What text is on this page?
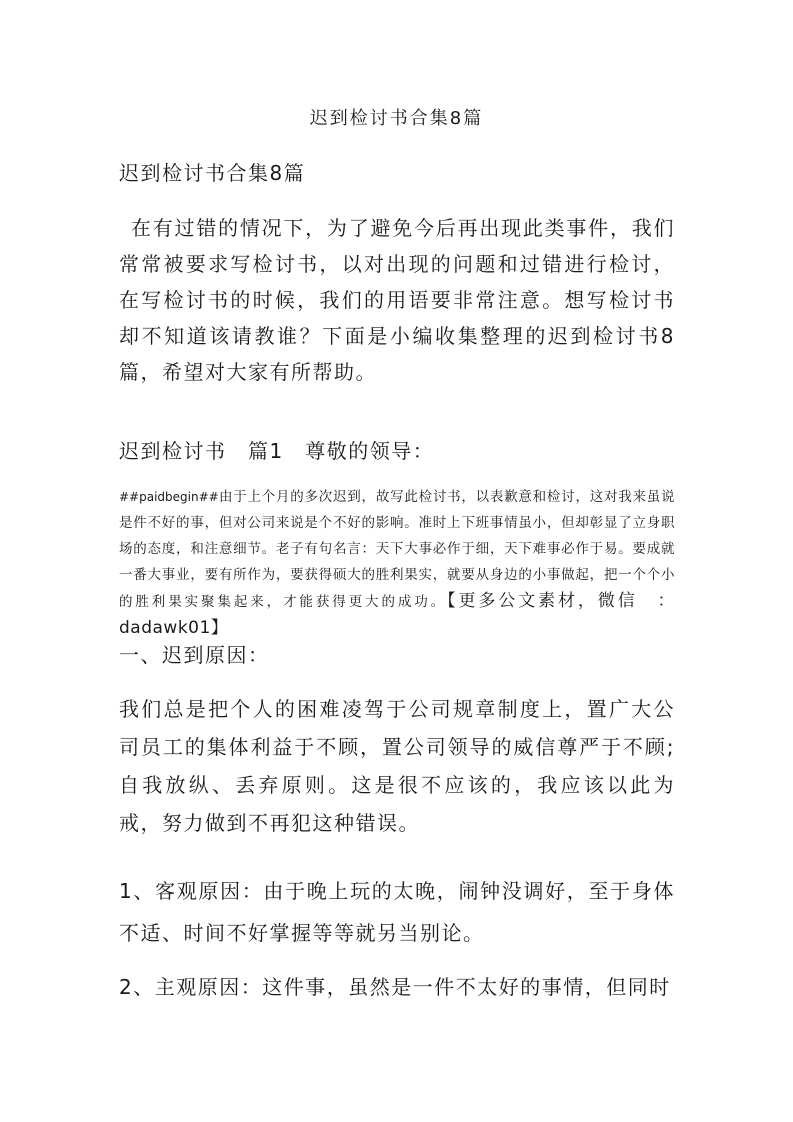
迟到检讨书合集8篇

迟到检讨书合集8篇

在有过错的情况下，为了避免今后再出现此类事件，我们常常被要求写检讨书，以对出现的问题和过错进行检讨，在写检讨书的时候，我们的用语要非常注意。想写检讨书却不知道该请教谁？下面是小编收集整理的迟到检讨书8篇，希望对大家有所帮助。

迟到检讨书　篇1　尊敬的领导：

##paidbegin##由于上个月的多次迟到，故写此检讨书，以表歉意和检讨，这对我来虽说是件不好的事，但对公司来说是个不好的影响。准时上下班事情虽小，但却彰显了立身职场的态度，和注意细节。老子有句名言：天下大事必作于细，天下难事必作于易。要成就一番大事业，要有所作为，要获得硕大的胜利果实，就要从身边的小事做起，把一个个小的胜利果实聚集起来，才能获得更大的成功。【更多公文素材，微信　：dadawk01】

一、迟到原因：

我们总是把个人的困难凌驾于公司规章制度上，置广大公司员工的集体利益于不顾，置公司领导的威信尊严于不顾;自我放纵、丢弃原则。这是很不应该的，我应该以此为戒，努力做到不再犯这种错误。

1、客观原因：由于晚上玩的太晚，闹钟没调好，至于身体不适、时间不好掌握等等就另当别论。

2、主观原因：这件事，虽然是一件不太好的事情，但同时
